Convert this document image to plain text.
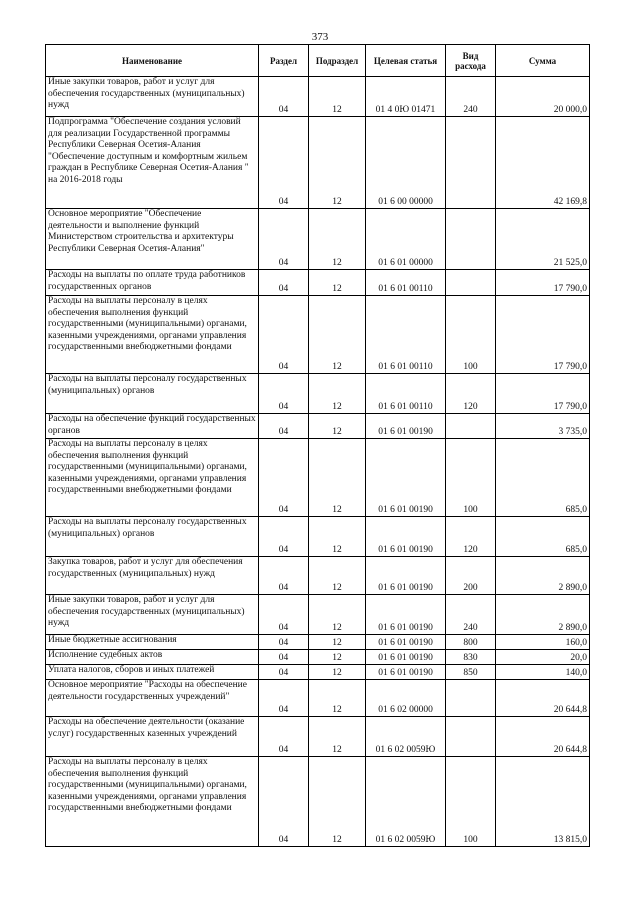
373
Наименование	Раздел	Подраздел	Целевая статья	Вид расхода	Сумма
Иные закупки товаров, работ и услуг для обеспечения государственных (муниципальных) нужд	04	12	01 4 0Ю 01471	240	20 000,0
Подпрограмма "Обеспечение создания условий для реализации Государственной программы Республики Северная Осетия-Алания "Обеспечение доступным и комфортным жильем граждан в Республике Северная Осетия-Алания " на 2016-2018 годы	04	12	01 6 00 00000		42 169,8
Основное мероприятие "Обеспечение деятельности и выполнение функций Министерством строительства и архитектуры Республики Северная Осетия-Алания"	04	12	01 6 01 00000		21 525,0
Расходы на выплаты по оплате труда работников государственных органов	04	12	01 6 01 00110		17 790,0
Расходы на выплаты персоналу в целях обеспечения выполнения функций государственными (муниципальными) органами, казенными учреждениями, органами управления государственными внебюджетными фондами	04	12	01 6 01 00110	100	17 790,0
Расходы на выплаты персоналу государственных (муниципальных) органов	04	12	01 6 01 00110	120	17 790,0
Расходы на обеспечение функций государственных органов	04	12	01 6 01 00190		3 735,0
Расходы на выплаты персоналу в целях обеспечения выполнения функций государственными (муниципальными) органами, казенными учреждениями, органами управления государственными внебюджетными фондами	04	12	01 6 01 00190	100	685,0
Расходы на выплаты персоналу государственных (муниципальных) органов	04	12	01 6 01 00190	120	685,0
Закупка товаров, работ и услуг для обеспечения государственных (муниципальных) нужд	04	12	01 6 01 00190	200	2 890,0
Иные закупки товаров, работ и услуг для обеспечения государственных (муниципальных) нужд	04	12	01 6 01 00190	240	2 890,0
Иные бюджетные ассигнования	04	12	01 6 01 00190	800	160,0
Исполнение судебных актов	04	12	01 6 01 00190	830	20,0
Уплата налогов, сборов и иных платежей	04	12	01 6 01 00190	850	140,0
Основное мероприятие "Расходы на обеспечение деятельности государственных учреждений"	04	12	01 6 02 00000		20 644,8
Расходы на обеспечение деятельности (оказание услуг) государственных казенных учреждений	04	12	01 6 02 0059Ю		20 644,8
Расходы на выплаты персоналу в целях обеспечения выполнения функций государственными (муниципальными) органами, казенными учреждениями, органами управления государственными внебюджетными фондами	04	12	01 6 02 0059Ю	100	13 815,0
